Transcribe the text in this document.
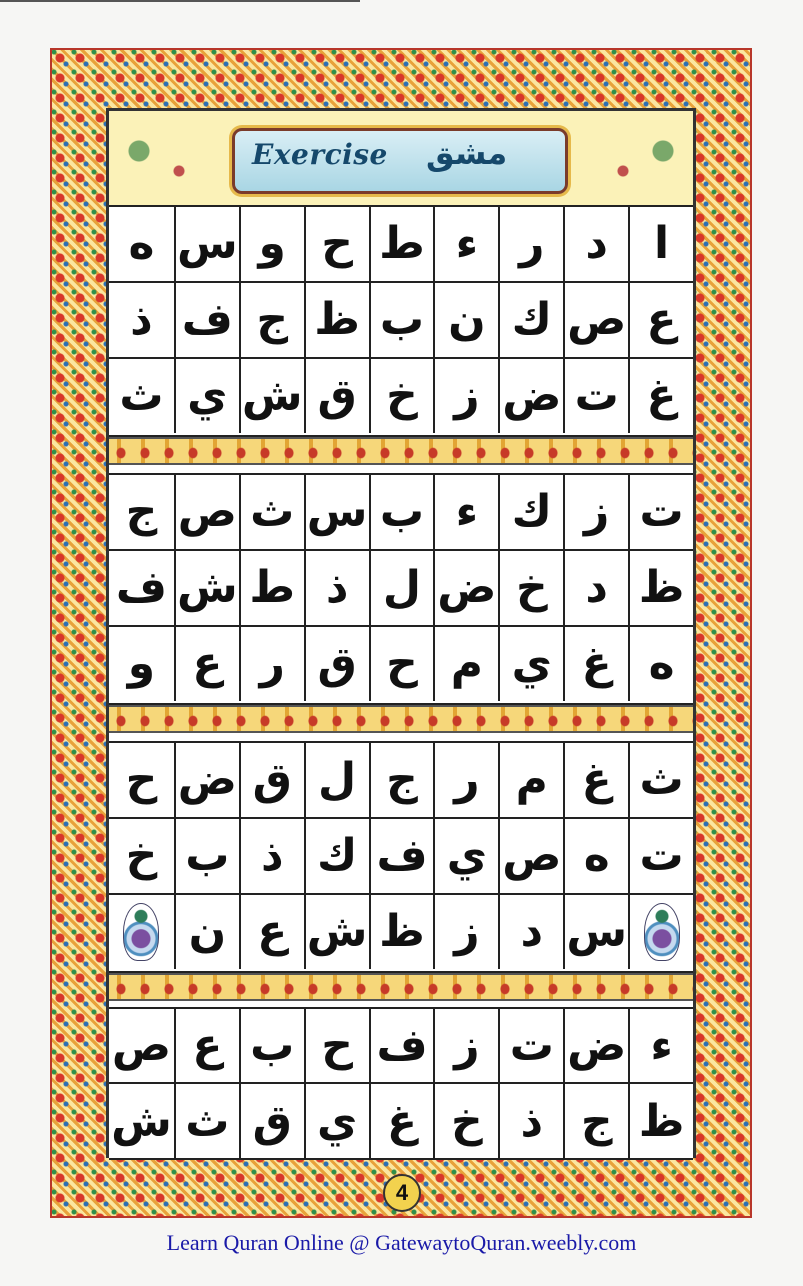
Exercise مشق
ا
د
ر
ء
ط
ح
و
س
ه
ع
ص
ك
ن
ب
ظ
ج
ف
ذ
غ
ت
ض
ز
خ
ق
ش
ي
ث
ت
ز
ك
ء
ب
س
ث
ص
ج
ظ
د
خ
ض
ل
ذ
ط
ش
ف
ه
غ
ي
م
ح
ق
ر
ع
و
ث
غ
م
ر
ج
ل
ق
ض
ح
ت
ه
ص
ي
ف
ك
ذ
ب
خ
س
د
ز
ظ
ش
ع
ن
ء
ض
ت
ز
ف
ح
ب
ع
ص
ظ
ج
ذ
خ
غ
ي
ق
ث
ش
4
Learn Quran Online @ GatewaytoQuran.weebly.com
